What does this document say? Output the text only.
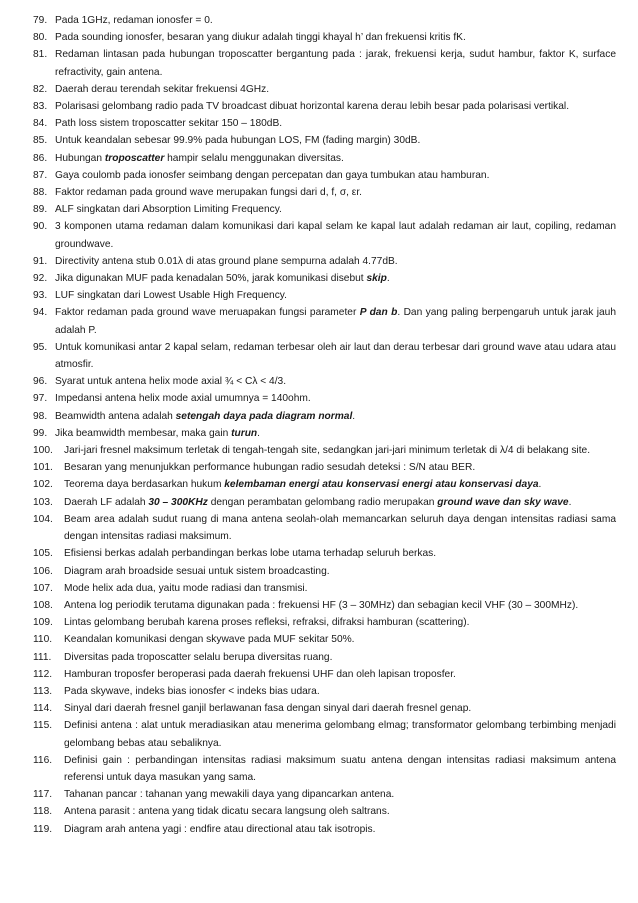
79. Pada 1GHz, redaman ionosfer = 0.
80. Pada sounding ionosfer, besaran yang diukur adalah tinggi khayal h’ dan frekuensi kritis fK.
81. Redaman lintasan pada hubungan troposcatter bergantung pada : jarak, frekuensi kerja, sudut hambur, faktor K, surface refractivity, gain antena.
82. Daerah derau terendah sekitar frekuensi 4GHz.
83. Polarisasi gelombang radio pada TV broadcast dibuat horizontal karena derau lebih besar pada polarisasi vertikal.
84. Path loss sistem troposcatter sekitar 150 – 180dB.
85. Untuk keandalan sebesar 99.9% pada hubungan LOS, FM (fading margin) 30dB.
86. Hubungan troposcatter hampir selalu menggunakan diversitas.
87. Gaya coulomb pada ionosfer seimbang dengan percepatan dan gaya tumbukan atau hamburan.
88. Faktor redaman pada ground wave merupakan fungsi dari d, f, σ, εr.
89. ALF singkatan dari Absorption Limiting Frequency.
90. 3 komponen utama redaman dalam komunikasi dari kapal selam ke kapal laut adalah redaman air laut, copiling, redaman groundwave.
91. Directivity antena stub 0.01λ di atas ground plane sempurna adalah 4.77dB.
92. Jika digunakan MUF pada kenadalan 50%, jarak komunikasi disebut skip.
93. LUF singkatan dari Lowest Usable High Frequency.
94. Faktor redaman pada ground wave meruapakan fungsi parameter P dan b. Dan yang paling berpengaruh untuk jarak jauh adalah P.
95. Untuk komunikasi antar 2 kapal selam, redaman terbesar oleh air laut dan derau terbesar dari ground wave atau udara atau atmosfir.
96. Syarat untuk antena helix mode axial ¾ < Cλ < 4/3.
97. Impedansi antena helix mode axial umumnya = 140ohm.
98. Beamwidth antena adalah setengah daya pada diagram normal.
99. Jika beamwidth membesar, maka gain turun.
100.	Jari-jari fresnel maksimum terletak di tengah-tengah site, sedangkan jari-jari minimum terletak di λ/4 di belakang site.
101.	Besaran yang menunjukkan performance hubungan radio sesudah deteksi : S/N atau BER.
102.	Teorema daya berdasarkan hukum kelembaman energi atau konservasi energi atau konservasi daya.
103.	Daerah LF adalah 30 – 300KHz dengan perambatan gelombang radio merupakan ground wave dan sky wave.
104.	Beam area adalah sudut ruang di mana antena seolah-olah memancarkan seluruh daya dengan intensitas radiasi sama dengan intensitas radiasi maksimum.
105.	Efisiensi berkas adalah perbandingan berkas lobe utama terhadap seluruh berkas.
106.	Diagram arah broadside sesuai untuk sistem broadcasting.
107.	Mode helix ada dua, yaitu mode radiasi dan transmisi.
108.	Antena log periodik terutama digunakan pada : frekuensi HF (3 – 30MHz) dan sebagian kecil VHF (30 – 300MHz).
109.	Lintas gelombang berubah karena proses refleksi, refraksi, difraksi hamburan (scattering).
110.	Keandalan komunikasi dengan skywave pada MUF sekitar 50%.
111.	Diversitas pada troposcatter selalu berupa diversitas ruang.
112.	Hamburan troposfer beroperasi pada daerah frekuensi UHF dan oleh lapisan troposfer.
113.	Pada skywave, indeks bias ionosfer < indeks bias udara.
114.	Sinyal dari daerah fresnel ganjil berlawanan fasa dengan sinyal dari daerah fresnel genap.
115.	Definisi antena : alat untuk meradiasikan atau menerima gelombang elmag; transformator gelombang terbimbing menjadi gelombang bebas atau sebaliknya.
116.	Definisi gain : perbandingan intensitas radiasi maksimum suatu antena dengan intensitas radiasi maksimum antena referensi untuk daya masukan yang sama.
117.	Tahanan pancar : tahanan yang mewakili daya yang dipancarkan antena.
118.	Antena parasit : antena yang tidak dicatu secara langsung oleh saltrans.
119.	Diagram arah antena yagi : endfire atau directional atau tak isotropis.
